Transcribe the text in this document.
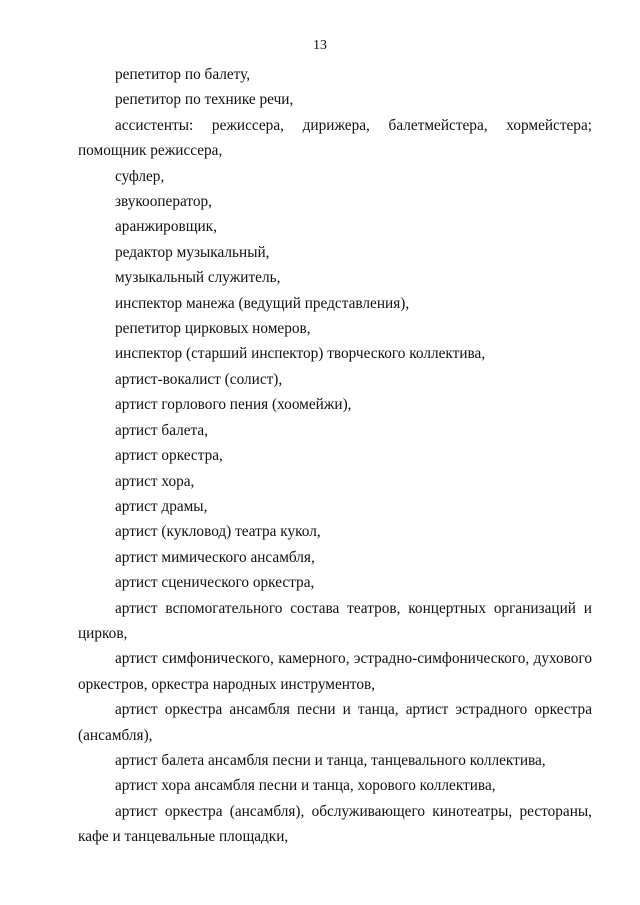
13
репетитор по балету,
репетитор по технике речи,
ассистенты: режиссера, дирижера, балетмейстера, хормейстера;
помощник режиссера,
суфлер,
звукооператор,
аранжировщик,
редактор музыкальный,
музыкальный служитель,
инспектор манежа (ведущий представления),
репетитор цирковых номеров,
инспектор (старший инспектор) творческого коллектива,
артист-вокалист (солист),
артист горлового пения (хоомейжи),
артист балета,
артист оркестра,
артист хора,
артист драмы,
артист (кукловод) театра кукол,
артист мимического ансамбля,
артист сценического оркестра,
артист вспомогательного состава театров, концертных организаций и
цирков,
артист симфонического, камерного, эстрадно-симфонического, духового
оркестров, оркестра народных инструментов,
артист оркестра ансамбля песни и танца, артист эстрадного оркестра
(ансамбля),
артист балета ансамбля песни и танца, танцевального коллектива,
артист хора ансамбля песни и танца, хорового коллектива,
артист оркестра (ансамбля), обслуживающего кинотеатры, рестораны,
кафе и танцевальные площадки,
